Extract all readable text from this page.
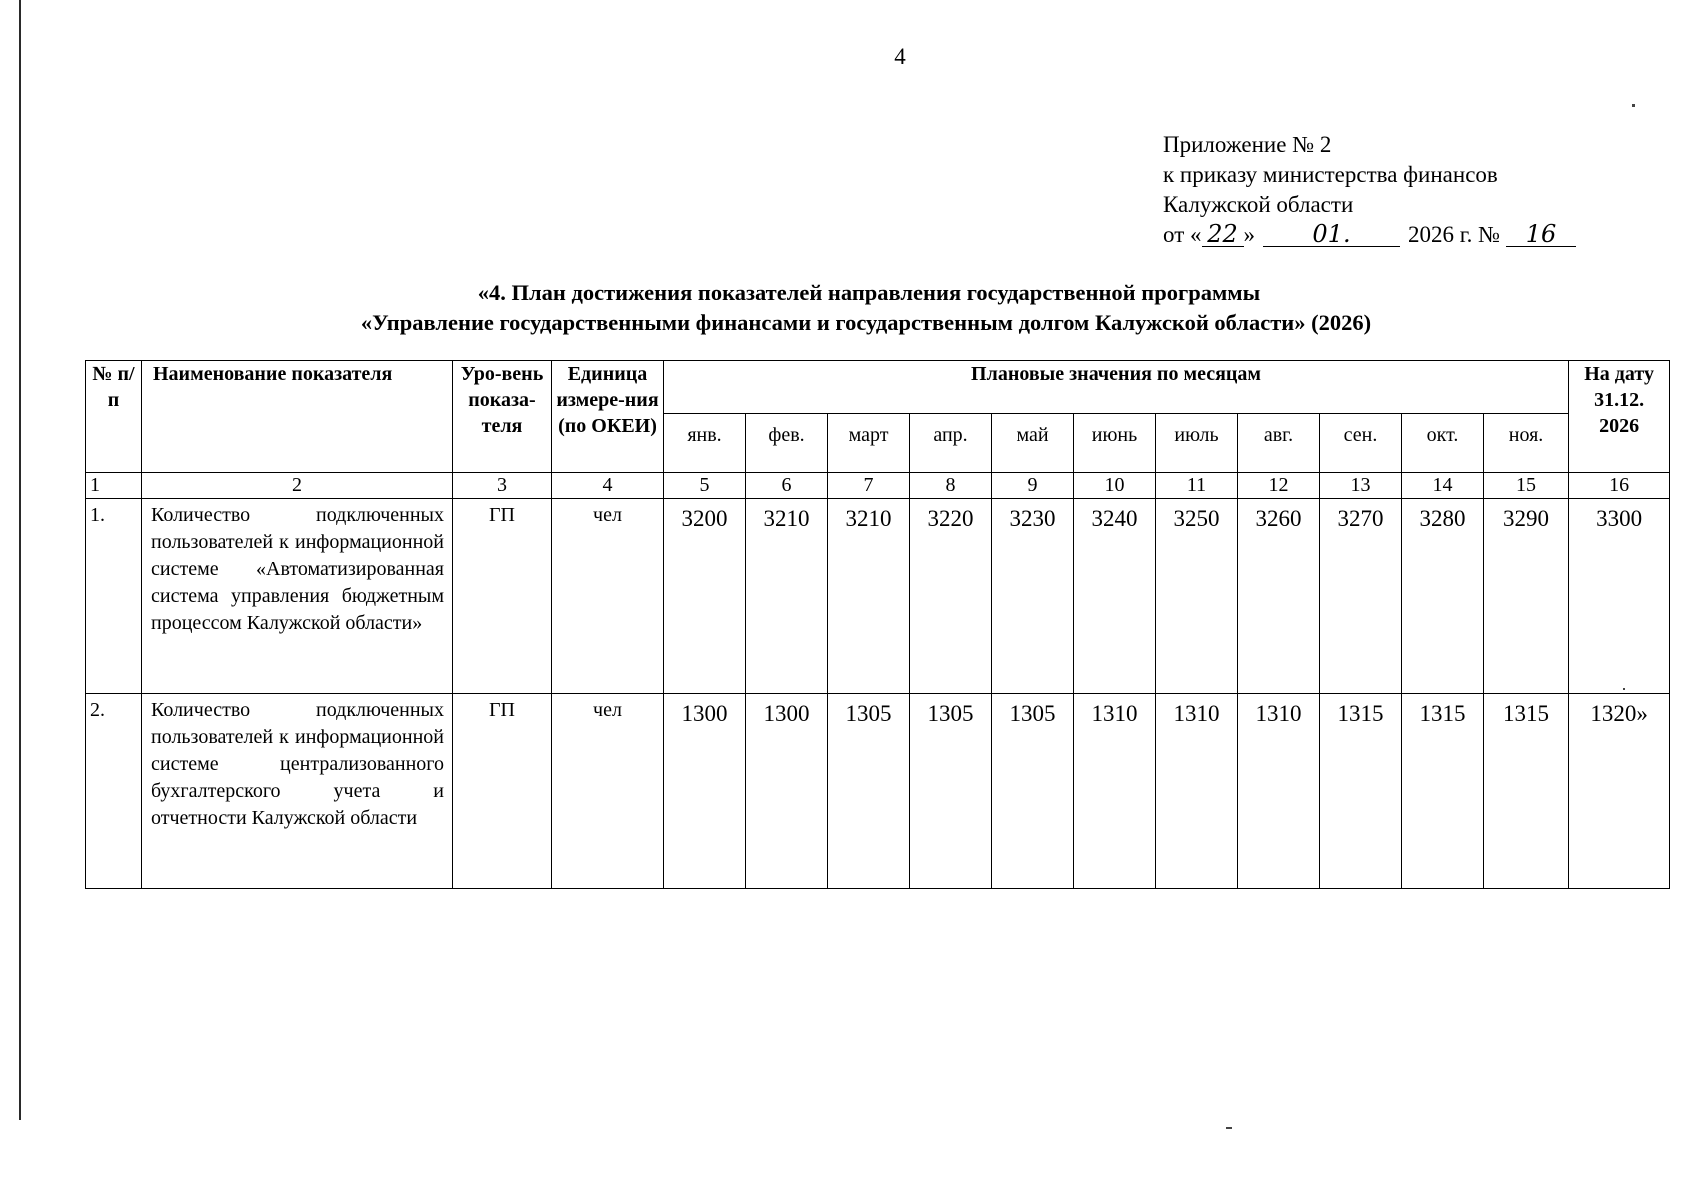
4
Приложение № 2
к приказу министерства финансов
Калужской области
от « 22 » 01. 2026 г. № 16
«4. План достижения показателей направления государственной программы
«Управление государственными финансами и государственным долгом Калужской области» (2026)
№ п/п	Наименование показателя	Уро-вень показа-теля	Единица измере-ния (по ОКЕИ)	Плановые значения по месяцам											На дату 31.12. 2026
				янв.	фев.	март	апр.	май	июнь	июль	авг.	сен.	окт.	ноя.	
1	2	3	4	5	6	7	8	9	10	11	12	13	14	15	16
1.	Количество подключенных пользователей к информационной системе «Автоматизированная система управления бюджетным процессом Калужской области»	ГП	чел	3200	3210	3210	3220	3230	3240	3250	3260	3270	3280	3290	3300
2.	Количество подключенных пользователей к информационной системе централизованного бухгалтерского учета и отчетности Калужской области	ГП	чел	1300	1300	1305	1305	1305	1310	1310	1310	1315	1315	1315	1320»
